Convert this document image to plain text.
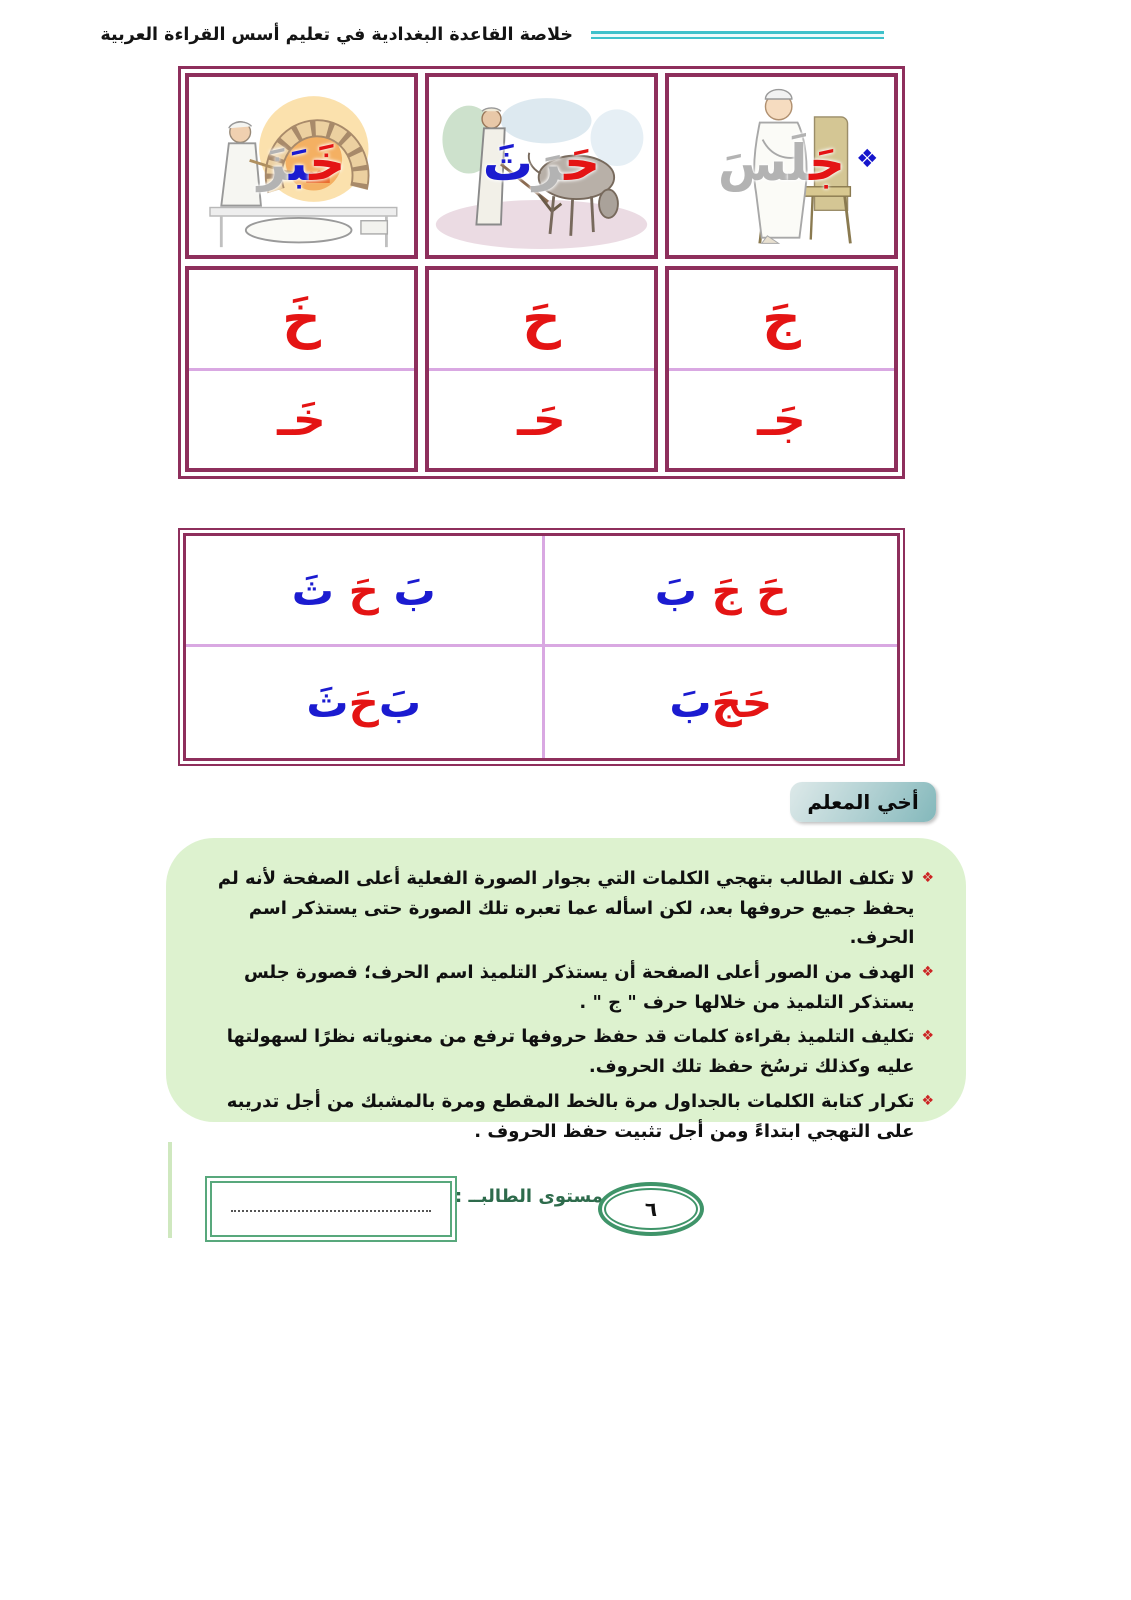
خلاصة القاعدة البغدادية في تعليم أسس القراءة العربية
جَلَسَ
حَرَثَ
خَبَزَ
جَ
جَـ
حَ
حَـ
خَ
خَـ
❖
حَ جَ
بَ
بَ
حَ
ثَ
حَجَ
بَ
بَ
حَ
ثَ
أخي المعلم
❖
لا تكلف الطالب بتهجي الكلمات التي بجوار الصورة الفعلية أعلى الصفحة لأنه لم يحفظ جميع حروفها بعد، لكن اسأله عما تعبره تلك الصورة حتى يستذكر اسم الحرف.
❖
الهدف من الصور أعلى الصفحة أن يستذكر التلميذ اسم الحرف؛ فصورة جلس يستذكر التلميذ من خلالها حرف " ج " .
❖
تكليف التلميذ بقراءة كلمات قد حفظ حروفها ترفع من معنوياته نظرًا لسهولتها عليه وكذلك ترسُخ حفظ تلك الحروف.
❖
تكرار كتابة الكلمات بالجداول مرة بالخط المقطع ومرة بالمشبك من أجل تدريبه على التهجي ابتداءً ومن أجل تثبيت حفظ الحروف .
مستوى الطالبــ :
٦
